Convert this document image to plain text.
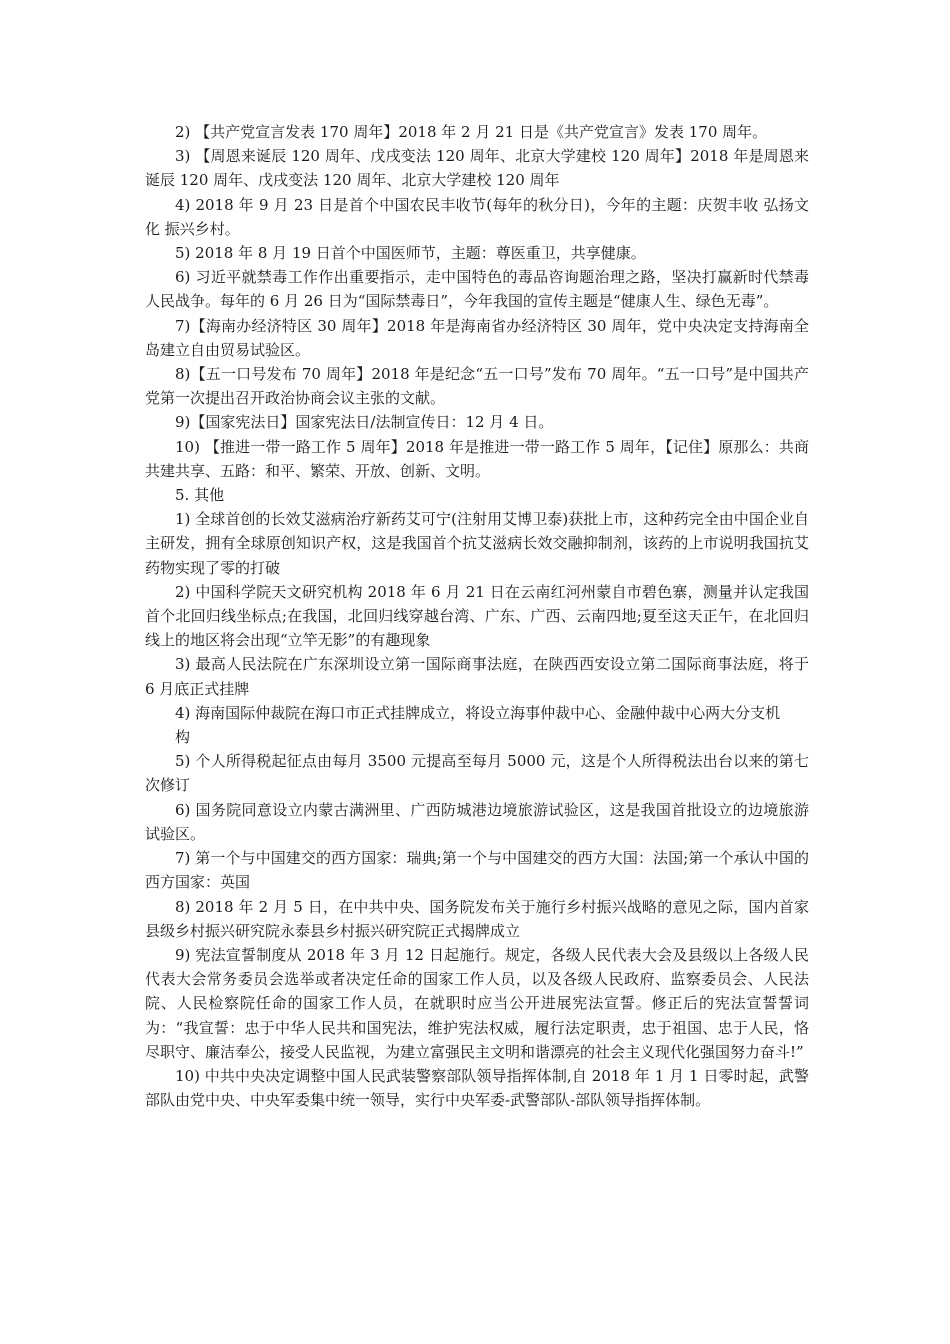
2) 【共产党宣言发表 170 周年】2018 年 2 月 21 日是《共产党宣言》发表 170 周年。

3) 【周恩来诞辰 120 周年、戊戌变法 120 周年、北京大学建校 120 周年】2018 年是周恩来诞辰 120 周年、戊戌变法 120 周年、北京大学建校 120 周年

4) 2018 年 9 月 23 日是首个中国农民丰收节(每年的秋分日)，今年的主题：庆贺丰收 弘扬文化 振兴乡村。

5) 2018 年 8 月 19 日首个中国医师节，主题：尊医重卫，共享健康。

6) 习近平就禁毒工作作出重要指示，走中国特色的毒品咨询题治理之路，坚决打赢新时代禁毒人民战争。每年的 6 月 26 日为“国际禁毒日”，今年我国的宣传主题是“健康人生、绿色无毒”。

7)【海南办经济特区 30 周年】2018 年是海南省办经济特区 30 周年，党中央决定支持海南全岛建立自由贸易试验区。

8)【五一口号发布 70 周年】2018 年是纪念“五一口号”发布 70 周年。“五一口号”是中国共产党第一次提出召开政治协商会议主张的文献。

9)【国家宪法日】国家宪法日/法制宣传日：12 月 4 日。

10) 【推进一带一路工作 5 周年】2018 年是推进一带一路工作 5 周年，【记住】原那么：共商共建共享、五路：和平、繁荣、开放、创新、文明。

5. 其他

1) 全球首创的长效艾滋病治疗新药艾可宁(注射用艾博卫泰)获批上市，这种药完全由中国企业自主研发，拥有全球原创知识产权，这是我国首个抗艾滋病长效交融抑制剂，该药的上市说明我国抗艾药物实现了零的打破

2) 中国科学院天文研究机构 2018 年 6 月 21 日在云南红河州蒙自市碧色寨，测量并认定我国首个北回归线坐标点;在我国，北回归线穿越台湾、广东、广西、云南四地;夏至这天正午，在北回归线上的地区将会出现“立竿无影”的有趣现象

3) 最高人民法院在广东深圳设立第一国际商事法庭，在陕西西安设立第二国际商事法庭，将于 6 月底正式挂牌

4) 海南国际仲裁院在海口市正式挂牌成立，将设立海事仲裁中心、金融仲裁中心两大分支机

构

5) 个人所得税起征点由每月 3500 元提高至每月 5000 元，这是个人所得税法出台以来的第七次修订

6) 国务院同意设立内蒙古满洲里、广西防城港边境旅游试验区，这是我国首批设立的边境旅游试验区。

7) 第一个与中国建交的西方国家：瑞典;第一个与中国建交的西方大国：法国;第一个承认中国的西方国家：英国

8) 2018 年 2 月 5 日，在中共中央、国务院发布关于施行乡村振兴战略的意见之际，国内首家县级乡村振兴研究院永泰县乡村振兴研究院正式揭牌成立

9) 宪法宣誓制度从 2018 年 3 月 12 日起施行。规定，各级人民代表大会及县级以上各级人民代表大会常务委员会选举或者决定任命的国家工作人员，以及各级人民政府、监察委员会、人民法院、人民检察院任命的国家工作人员，在就职时应当公开进展宪法宣誓。修正后的宪法宣誓誓词为：“我宣誓：忠于中华人民共和国宪法，维护宪法权威，履行法定职责，忠于祖国、忠于人民，恪尽职守、廉洁奉公，接受人民监视，为建立富强民主文明和谐漂亮的社会主义现代化强国努力奋斗!”

10) 中共中央决定调整中国人民武装警察部队领导指挥体制,自 2018 年 1 月 1 日零时起，武警部队由党中央、中央军委集中统一领导，实行中央军委-武警部队-部队领导指挥体制。
